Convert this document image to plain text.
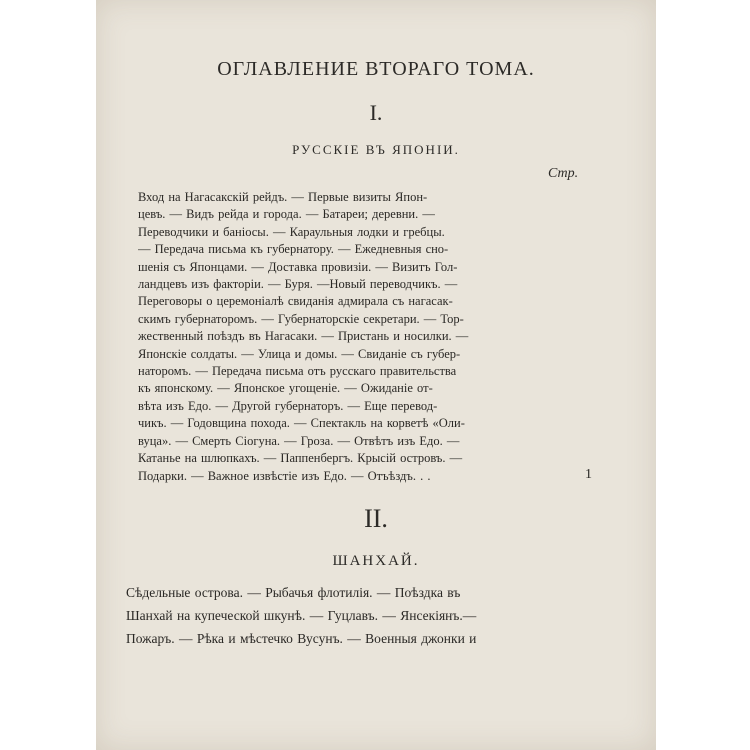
ОГЛАВЛЕНИЕ ВТОРАГО ТОМА.
I.
РУССКІЕ ВЪ ЯПОНІИ.
Стр.
Вход на Нагасакскій рейдъ. — Первые визиты Япон-
цевъ. — Видъ рейда и города. — Батареи; деревни. —
Переводчики и баніосы. — Караульныя лодки и гребцы.
— Передача письма къ губернатору. — Ежедневныя сно-
шенія съ Японцами. — Доставка провизіи. — Визитъ Гол-
ландцевъ изъ факторіи. — Буря. —Новый переводчикъ. —
Переговоры о церемоніалѣ свиданія адмирала съ нагасак-
скимъ губернаторомъ. — Губернаторскіе секретари. — Тор-
жественный поѣздъ въ Нагасаки. — Пристань и носилки. —
Японскіе солдаты. — Улица и домы. — Свиданіе съ губер-
наторомъ. — Передача письма отъ русскаго правительства
къ японскому. — Японское угощеніе. — Ожиданіе от-
вѣта изъ Едо. — Другой губернаторъ. — Еще перевод-
чикъ. — Годовщина похода. — Спектакль на корветѣ «Оли-
вуца». — Смерть Сіогуна. — Гроза. — Отвѣтъ изъ Едо. —
Катанье на шлюпкахъ. — Паппенбергъ. Крысій островъ. —
Подарки. — Важное извѣстіе изъ Едо. — Отъѣздъ. . .	1
II.
ШАНХАЙ.
Сѣдельные острова. — Рыбачья флотилія. — Поѣздка въ
Шанхай на купеческой шкунѣ. — Гуцлавъ. — Янсекіянъ.—
Пожаръ. — Рѣка и мѣстечко Вусунъ. — Военныя джонки и
